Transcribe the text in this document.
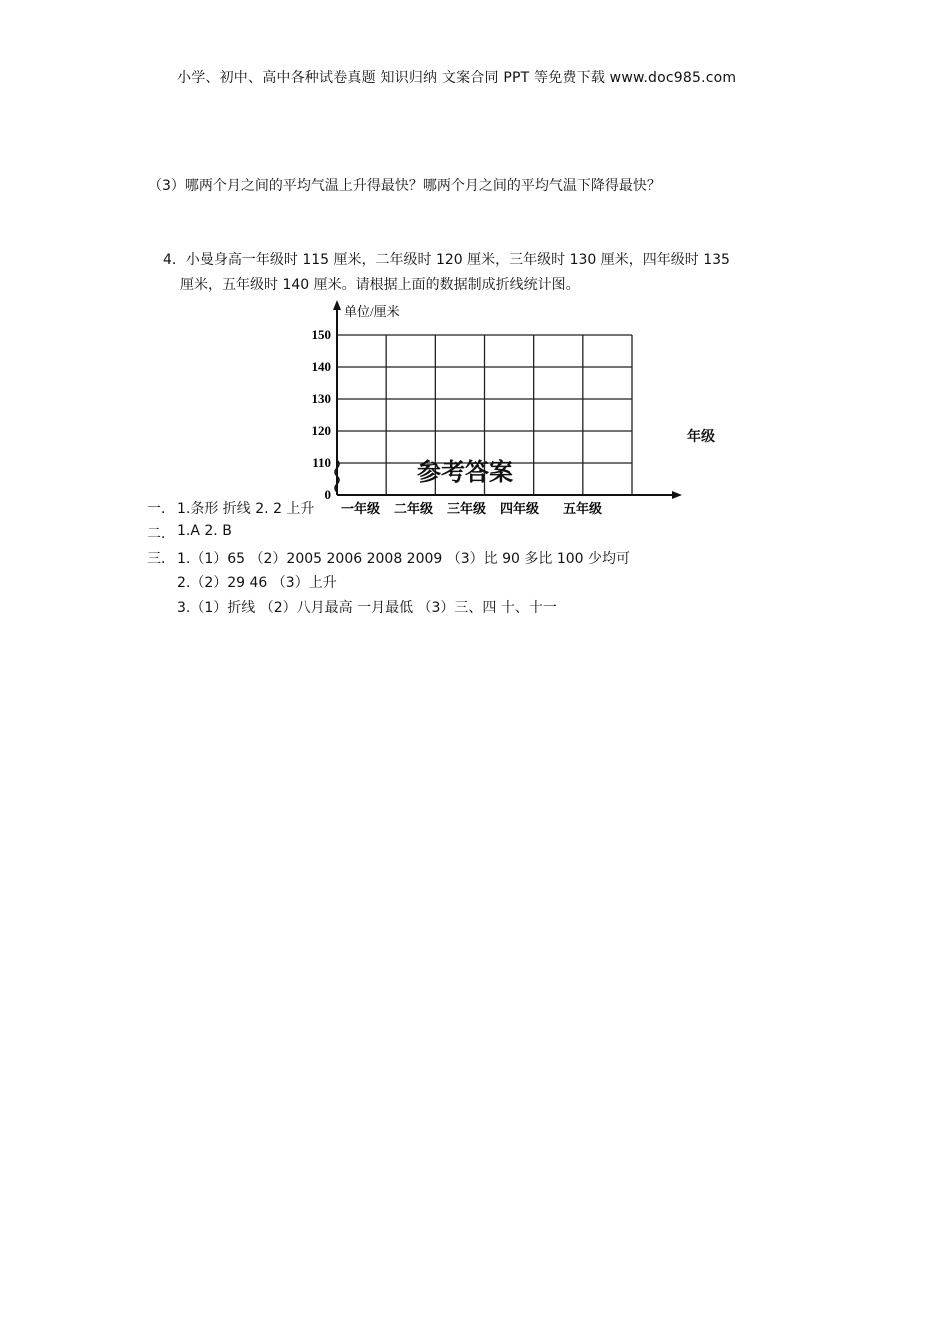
小学、初中、高中各种试卷真题 知识归纳 文案合同 PPT 等免费下载 www.doc985.com
（3）哪两个月之间的平均气温上升得最快？哪两个月之间的平均气温下降得最快？
4．小曼身高一年级时 115 厘米，二年级时 120 厘米，三年级时 130 厘米，四年级时 135
厘米，五年级时 140 厘米。请根据上面的数据制成折线统计图。
单位/厘米
0
110
120
130
140
150
一年级 二年级 三年级 四年级 五年级
年级
参考答案
一． 1.条形 折线 2. 2 上升
二． 1.A 2. B
三． 1.（1）65 （2）2005 2006 2008 2009 （3）比 90 多比 100 少均可
2.（2）29 46 （3）上升
3.（1）折线 （2）八月最高 一月最低 （3）三、四 十、十一
